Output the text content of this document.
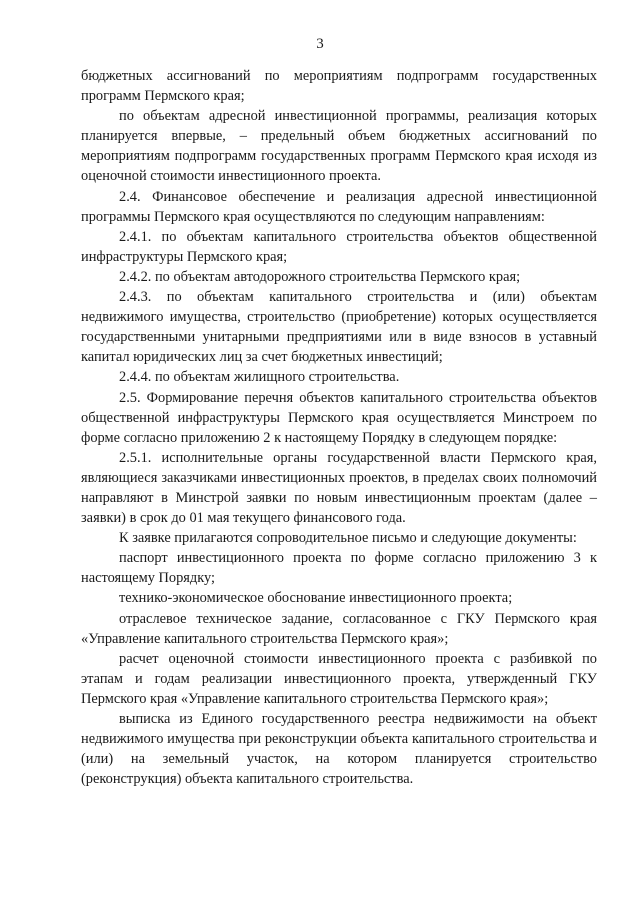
3

бюджетных ассигнований по мероприятиям подпрограмм государственных программ Пермского края;

по объектам адресной инвестиционной программы, реализация которых планируется впервые, – предельный объем бюджетных ассигнований по мероприятиям подпрограмм государственных программ Пермского края исходя из оценочной стоимости инвестиционного проекта.

2.4. Финансовое обеспечение и реализация адресной инвестиционной программы Пермского края осуществляются по следующим направлениям:

2.4.1. по объектам капитального строительства объектов общественной инфраструктуры Пермского края;

2.4.2. по объектам автодорожного строительства Пермского края;

2.4.3. по объектам капитального строительства и (или) объектам недвижимого имущества, строительство (приобретение) которых осуществляется государственными унитарными предприятиями или в виде взносов в уставный капитал юридических лиц за счет бюджетных инвестиций;

2.4.4. по объектам жилищного строительства.

2.5. Формирование перечня объектов капитального строительства объектов общественной инфраструктуры Пермского края осуществляется Минстроем по форме согласно приложению 2 к настоящему Порядку в следующем порядке:

2.5.1. исполнительные органы государственной власти Пермского края, являющиеся заказчиками инвестиционных проектов, в пределах своих полномочий направляют в Минстрой заявки по новым инвестиционным проектам (далее – заявки) в срок до 01 мая текущего финансового года.

К заявке прилагаются сопроводительное письмо и следующие документы:

паспорт инвестиционного проекта по форме согласно приложению 3 к настоящему Порядку;

технико-экономическое обоснование инвестиционного проекта;

отраслевое техническое задание, согласованное с ГКУ Пермского края «Управление капитального строительства Пермского края»;

расчет оценочной стоимости инвестиционного проекта с разбивкой по этапам и годам реализации инвестиционного проекта, утвержденный ГКУ Пермского края «Управление капитального строительства Пермского края»;

выписка из Единого государственного реестра недвижимости на объект недвижимого имущества при реконструкции объекта капитального строительства и (или) на земельный участок, на котором планируется строительство (реконструкция) объекта капитального строительства.
